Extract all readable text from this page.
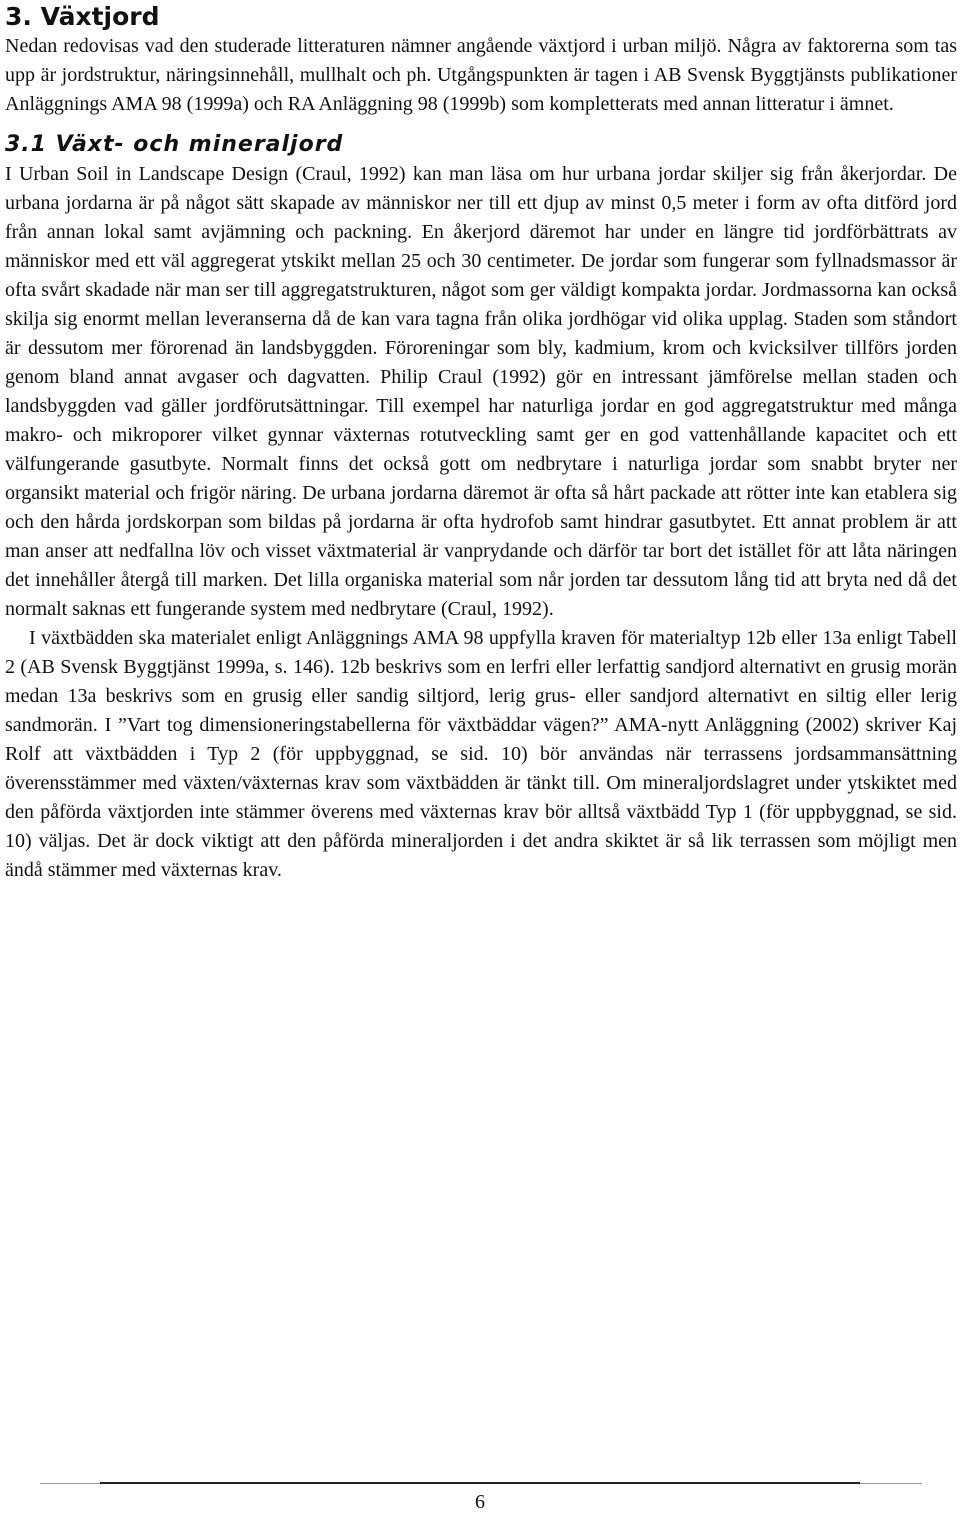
3. Växtjord

Nedan redovisas vad den studerade litteraturen nämner angående växtjord i urban miljö. Några av faktorerna som tas upp är jordstruktur, näringsinnehåll, mullhalt och ph. Utgångspunkten är tagen i AB Svensk Byggtjänsts publikationer Anläggnings AMA 98 (1999a) och RA Anläggning 98 (1999b) som kompletterats med annan litteratur i ämnet.

3.1 Växt- och mineraljord

I Urban Soil in Landscape Design (Craul, 1992) kan man läsa om hur urbana jordar skiljer sig från åkerjordar. De urbana jordarna är på något sätt skapade av människor ner till ett djup av minst 0,5 meter i form av ofta ditförd jord från annan lokal samt avjämning och packning. En åkerjord däremot har under en längre tid jordförbättrats av människor med ett väl aggregerat ytskikt mellan 25 och 30 centimeter. De jordar som fungerar som fyllnadsmassor är ofta svårt skadade när man ser till aggregatstrukturen, något som ger väldigt kompakta jordar. Jordmassorna kan också skilja sig enormt mellan leveranserna då de kan vara tagna från olika jordhögar vid olika upplag. Staden som ståndort är dessutom mer förorenad än landsbyggden. Föroreningar som bly, kadmium, krom och kvicksilver tillförs jorden genom bland annat avgaser och dagvatten. Philip Craul (1992) gör en intressant jämförelse mellan staden och landsbyggden vad gäller jordförutsättningar. Till exempel har naturliga jordar en god aggregatstruktur med många makro- och mikroporer vilket gynnar växternas rotutveckling samt ger en god vattenhållande kapacitet och ett välfungerande gasutbyte. Normalt finns det också gott om nedbrytare i naturliga jordar som snabbt bryter ner organsikt material och frigör näring. De urbana jordarna däremot är ofta så hårt packade att rötter inte kan etablera sig och den hårda jordskorpan som bildas på jordarna är ofta hydrofob samt hindrar gasutbytet. Ett annat problem är att man anser att nedfallna löv och visset växtmaterial är vanprydande och därför tar bort det istället för att låta näringen det innehåller återgå till marken. Det lilla organiska material som når jorden tar dessutom lång tid att bryta ned då det normalt saknas ett fungerande system med nedbrytare (Craul, 1992).

I växtbädden ska materialet enligt Anläggnings AMA 98 uppfylla kraven för materialtyp 12b eller 13a enligt Tabell 2 (AB Svensk Byggtjänst 1999a, s. 146). 12b beskrivs som en lerfri eller lerfattig sandjord alternativt en grusig morän medan 13a beskrivs som en grusig eller sandig siltjord, lerig grus- eller sandjord alternativt en siltig eller lerig sandmorän. I ”Vart tog dimensioneringstabellerna för växtbäddar vägen?” AMA-nytt Anläggning (2002) skriver Kaj Rolf att växtbädden i Typ 2 (för uppbyggnad, se sid. 10) bör användas när terrassens jordsammansättning överensstämmer med växten/växternas krav som växtbädden är tänkt till. Om mineraljordslagret under ytskiktet med den påförda växtjorden inte stämmer överens med växternas krav bör alltså växtbädd Typ 1 (för uppbyggnad, se sid. 10) väljas. Det är dock viktigt att den påförda mineraljorden i det andra skiktet är så lik terrassen som möjligt men ändå stämmer med växternas krav.

6
